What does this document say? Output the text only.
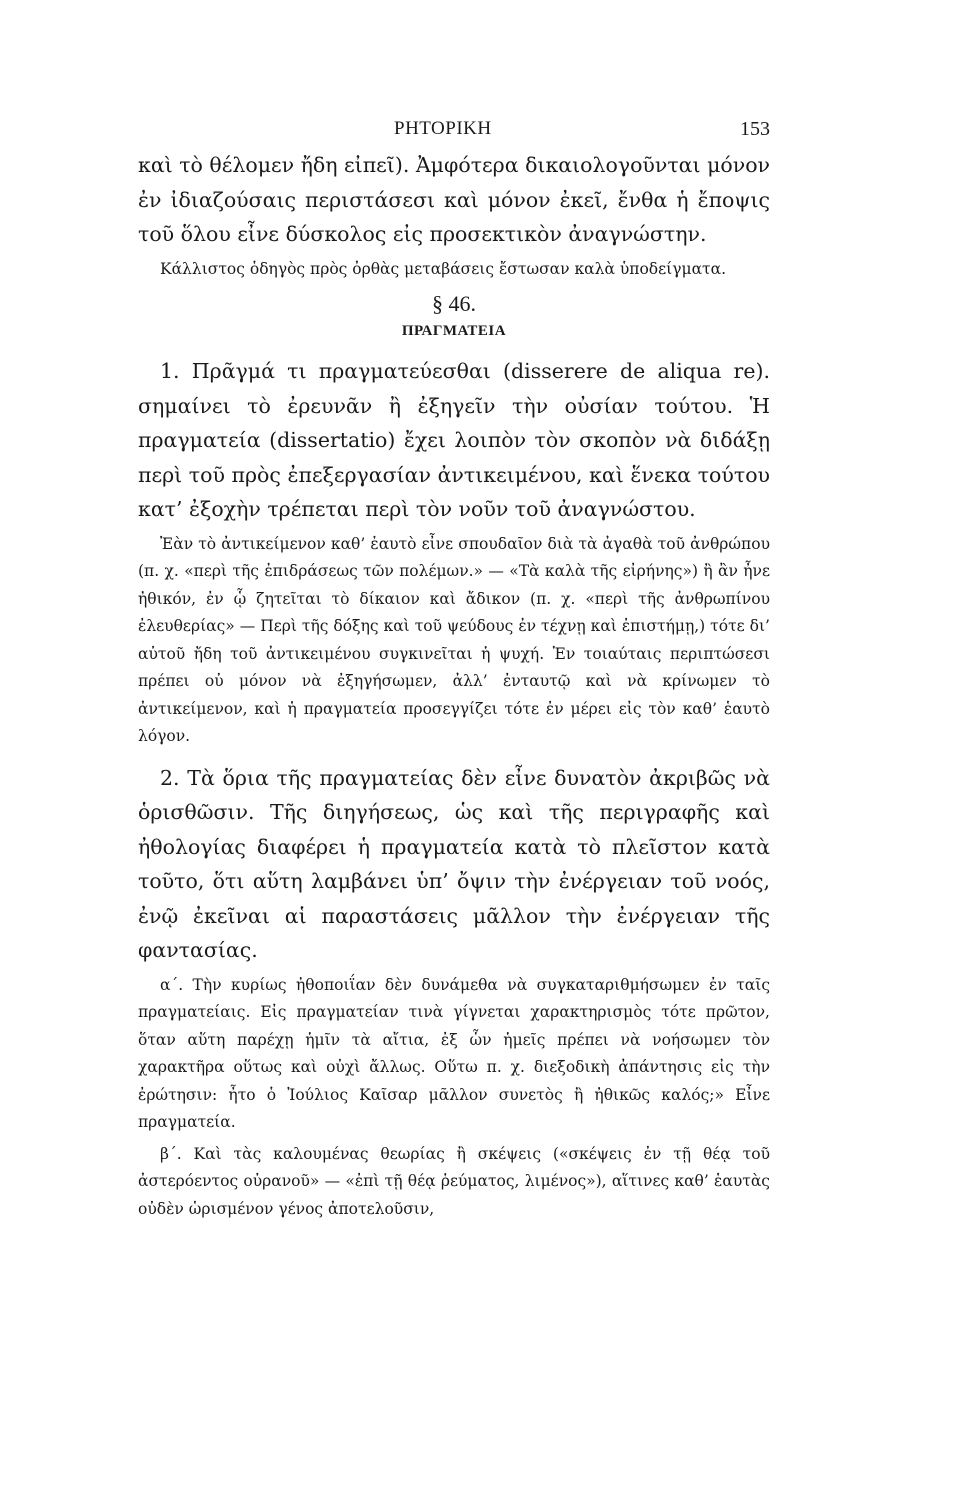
ΡΗΤΟΡΙΚΗ	153

καὶ τὸ θέλομεν ἤδη εἰπεῖ). Ἀμφότερα δικαιολογοῦνται μόνον ἐν ἰδιαζούσαις περιστάσεσι καὶ μόνον ἐκεῖ, ἔνθα ἡ ἔποψις τοῦ ὅλου εἶνε δύσκολος εἰς προσεκτικὸν ἀναγνώστην.

Κάλλιστος ὁδηγὸς πρὸς ὀρθὰς μεταβάσεις ἔστωσαν καλὰ ὑποδείγματα.

§ 46.
ΠΡΑΓΜΑΤΕΙΑ

1. Πρᾶγμά τι πραγματεύεσθαι (disserere de aliqua re). σημαίνει τὸ ἐρευνᾶν ἢ ἐξηγεῖν τὴν οὐσίαν τούτου. Ἡ πραγματεία (dissertatio) ἔχει λοιπὸν τὸν σκοπὸν νὰ διδάξῃ περὶ τοῦ πρὸς ἐπεξεργασίαν ἀντικειμένου, καὶ ἕνεκα τούτου κατ’ ἐξοχὴν τρέπεται περὶ τὸν νοῦν τοῦ ἀναγνώστου.

Ἐὰν τὸ ἀντικείμενον καθ’ ἑαυτὸ εἶνε σπουδαῖον διὰ τὰ ἀγαθὰ τοῦ ἀνθρώπου (π. χ. «περὶ τῆς ἐπιδράσεως τῶν πολέμων.» — «Τὰ καλὰ τῆς εἰρήνης») ἢ ἂν ἦνε ἠθικόν, ἐν ᾧ ζητεῖται τὸ δίκαιον καὶ ἄδικον (π. χ. «περὶ τῆς ἀνθρωπίνου ἐλευθερίας» — Περὶ τῆς δόξης καὶ τοῦ ψεύδους ἐν τέχνῃ καὶ ἐπιστήμῃ,) τότε δι’ αὐτοῦ ἤδη τοῦ ἀντικειμένου συγκινεῖται ἡ ψυχή. Ἐν τοιαύταις περιπτώσεσι πρέπει οὐ μόνον νὰ ἐξηγήσωμεν, ἀλλ’ ἐνταυτῷ καὶ νὰ κρίνωμεν τὸ ἀντικείμενον, καὶ ἡ πραγματεία προσεγγίζει τότε ἐν μέρει εἰς τὸν καθ’ ἑαυτὸ λόγον.

2. Τὰ ὅρια τῆς πραγματείας δὲν εἶνε δυνατὸν ἀκριβῶς νὰ ὁρισθῶσιν. Τῆς διηγήσεως, ὡς καὶ τῆς περιγραφῆς καὶ ἠθολογίας διαφέρει ἡ πραγματεία κατὰ τὸ πλεῖστον κατὰ τοῦτο, ὅτι αὕτη λαμβάνει ὑπ’ ὄψιν τὴν ἐνέργειαν τοῦ νοός, ἐνῷ ἐκεῖναι αἱ παραστάσεις μᾶλλον τὴν ἐνέργειαν τῆς φαντασίας.

α΄. Τὴν κυρίως ἠθοποιΐαν δὲν δυνάμεθα νὰ συγκαταριθμήσωμεν ἐν ταῖς πραγματείαις. Εἰς πραγματείαν τινὰ γίγνεται χαρακτηρισμὸς τότε πρῶτον, ὅταν αὕτη παρέχῃ ἡμῖν τὰ αἴτια, ἐξ ὧν ἡμεῖς πρέπει νὰ νοήσωμεν τὸν χαρακτῆρα οὕτως καὶ οὐχὶ ἄλλως. Οὕτω π. χ. διεξοδικὴ ἀπάντησις εἰς τὴν ἐρώτησιν: ἦτο ὁ Ἰούλιος Καῖσαρ μᾶλλον συνετὸς ἢ ἠθικῶς καλός;» Εἶνε πραγματεία.

β΄. Καὶ τὰς καλουμένας θεωρίας ἢ σκέψεις («σκέψεις ἐν τῇ θέᾳ τοῦ ἀστερόεντος οὐρανοῦ» — «ἐπὶ τῇ θέᾳ ῥεύματος, λιμένος»), αἵτινες καθ’ ἑαυτὰς οὐδὲν ὡρισμένον γένος ἀποτελοῦσιν,
